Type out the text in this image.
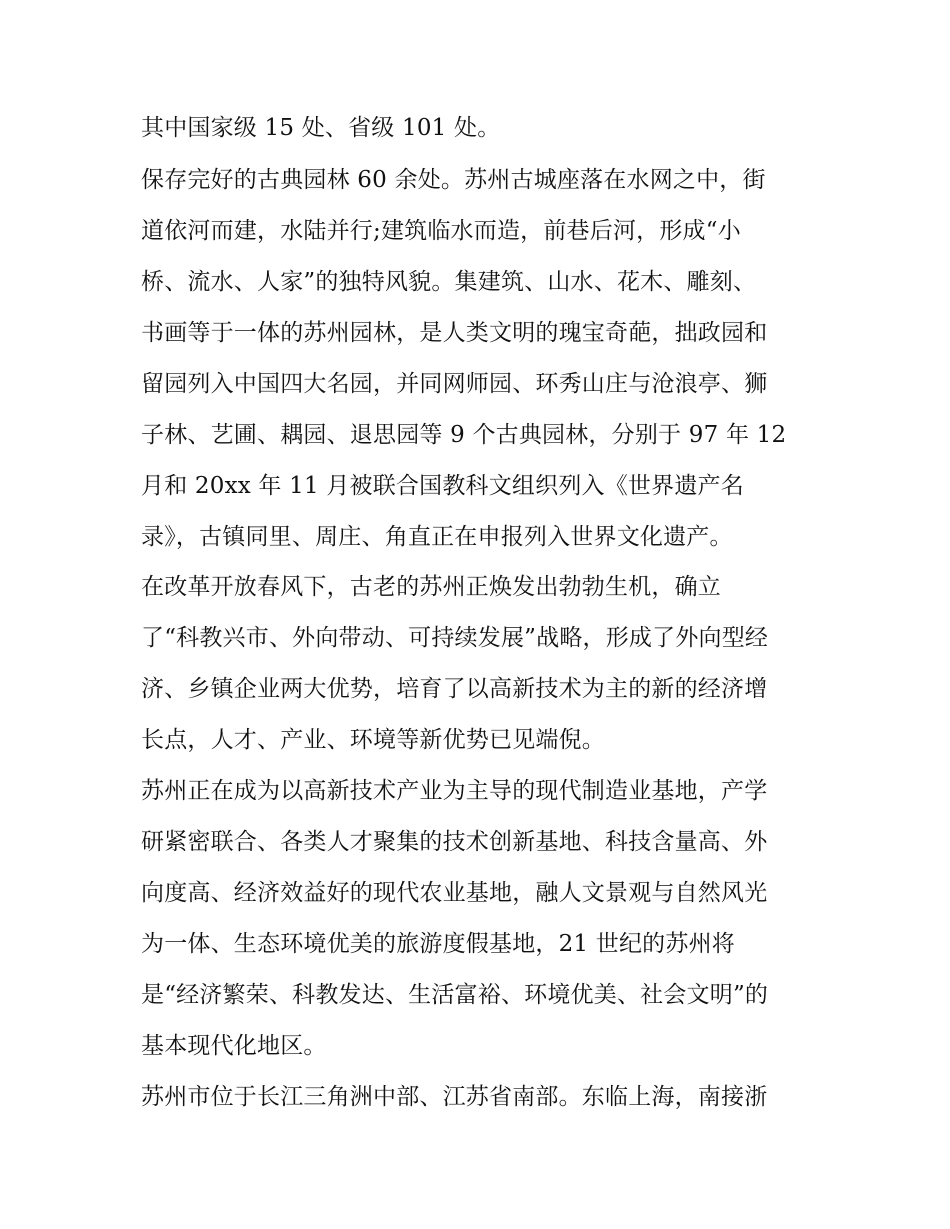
其中国家级 15 处、省级 101 处。
保存完好的古典园林 60 余处。苏州古城座落在水网之中，街
道依河而建，水陆并行;建筑临水而造，前巷后河，形成“小
桥、流水、人家”的独特风貌。集建筑、山水、花木、雕刻、
书画等于一体的苏州园林，是人类文明的瑰宝奇葩，拙政园和
留园列入中国四大名园，并同网师园、环秀山庄与沧浪亭、狮
子林、艺圃、耦园、退思园等 9 个古典园林，分别于 97 年 12
月和 20xx 年 11 月被联合国教科文组织列入《世界遗产名
录》，古镇同里、周庄、角直正在申报列入世界文化遗产。
在改革开放春风下，古老的苏州正焕发出勃勃生机，确立
了“科教兴市、外向带动、可持续发展”战略，形成了外向型经
济、乡镇企业两大优势，培育了以高新技术为主的新的经济增
长点，人才、产业、环境等新优势已见端倪。
苏州正在成为以高新技术产业为主导的现代制造业基地，产学
研紧密联合、各类人才聚集的技术创新基地、科技含量高、外
向度高、经济效益好的现代农业基地，融人文景观与自然风光
为一体、生态环境优美的旅游度假基地，21 世纪的苏州将
是“经济繁荣、科教发达、生活富裕、环境优美、社会文明”的
基本现代化地区。
苏州市位于长江三角洲中部、江苏省南部。东临上海，南接浙
